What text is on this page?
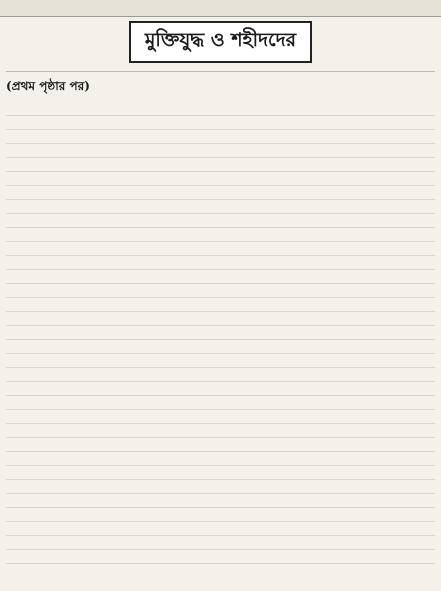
মুক্তিযুদ্ধ ও শহীদদের
(প্রথম পৃষ্ঠার পর)
